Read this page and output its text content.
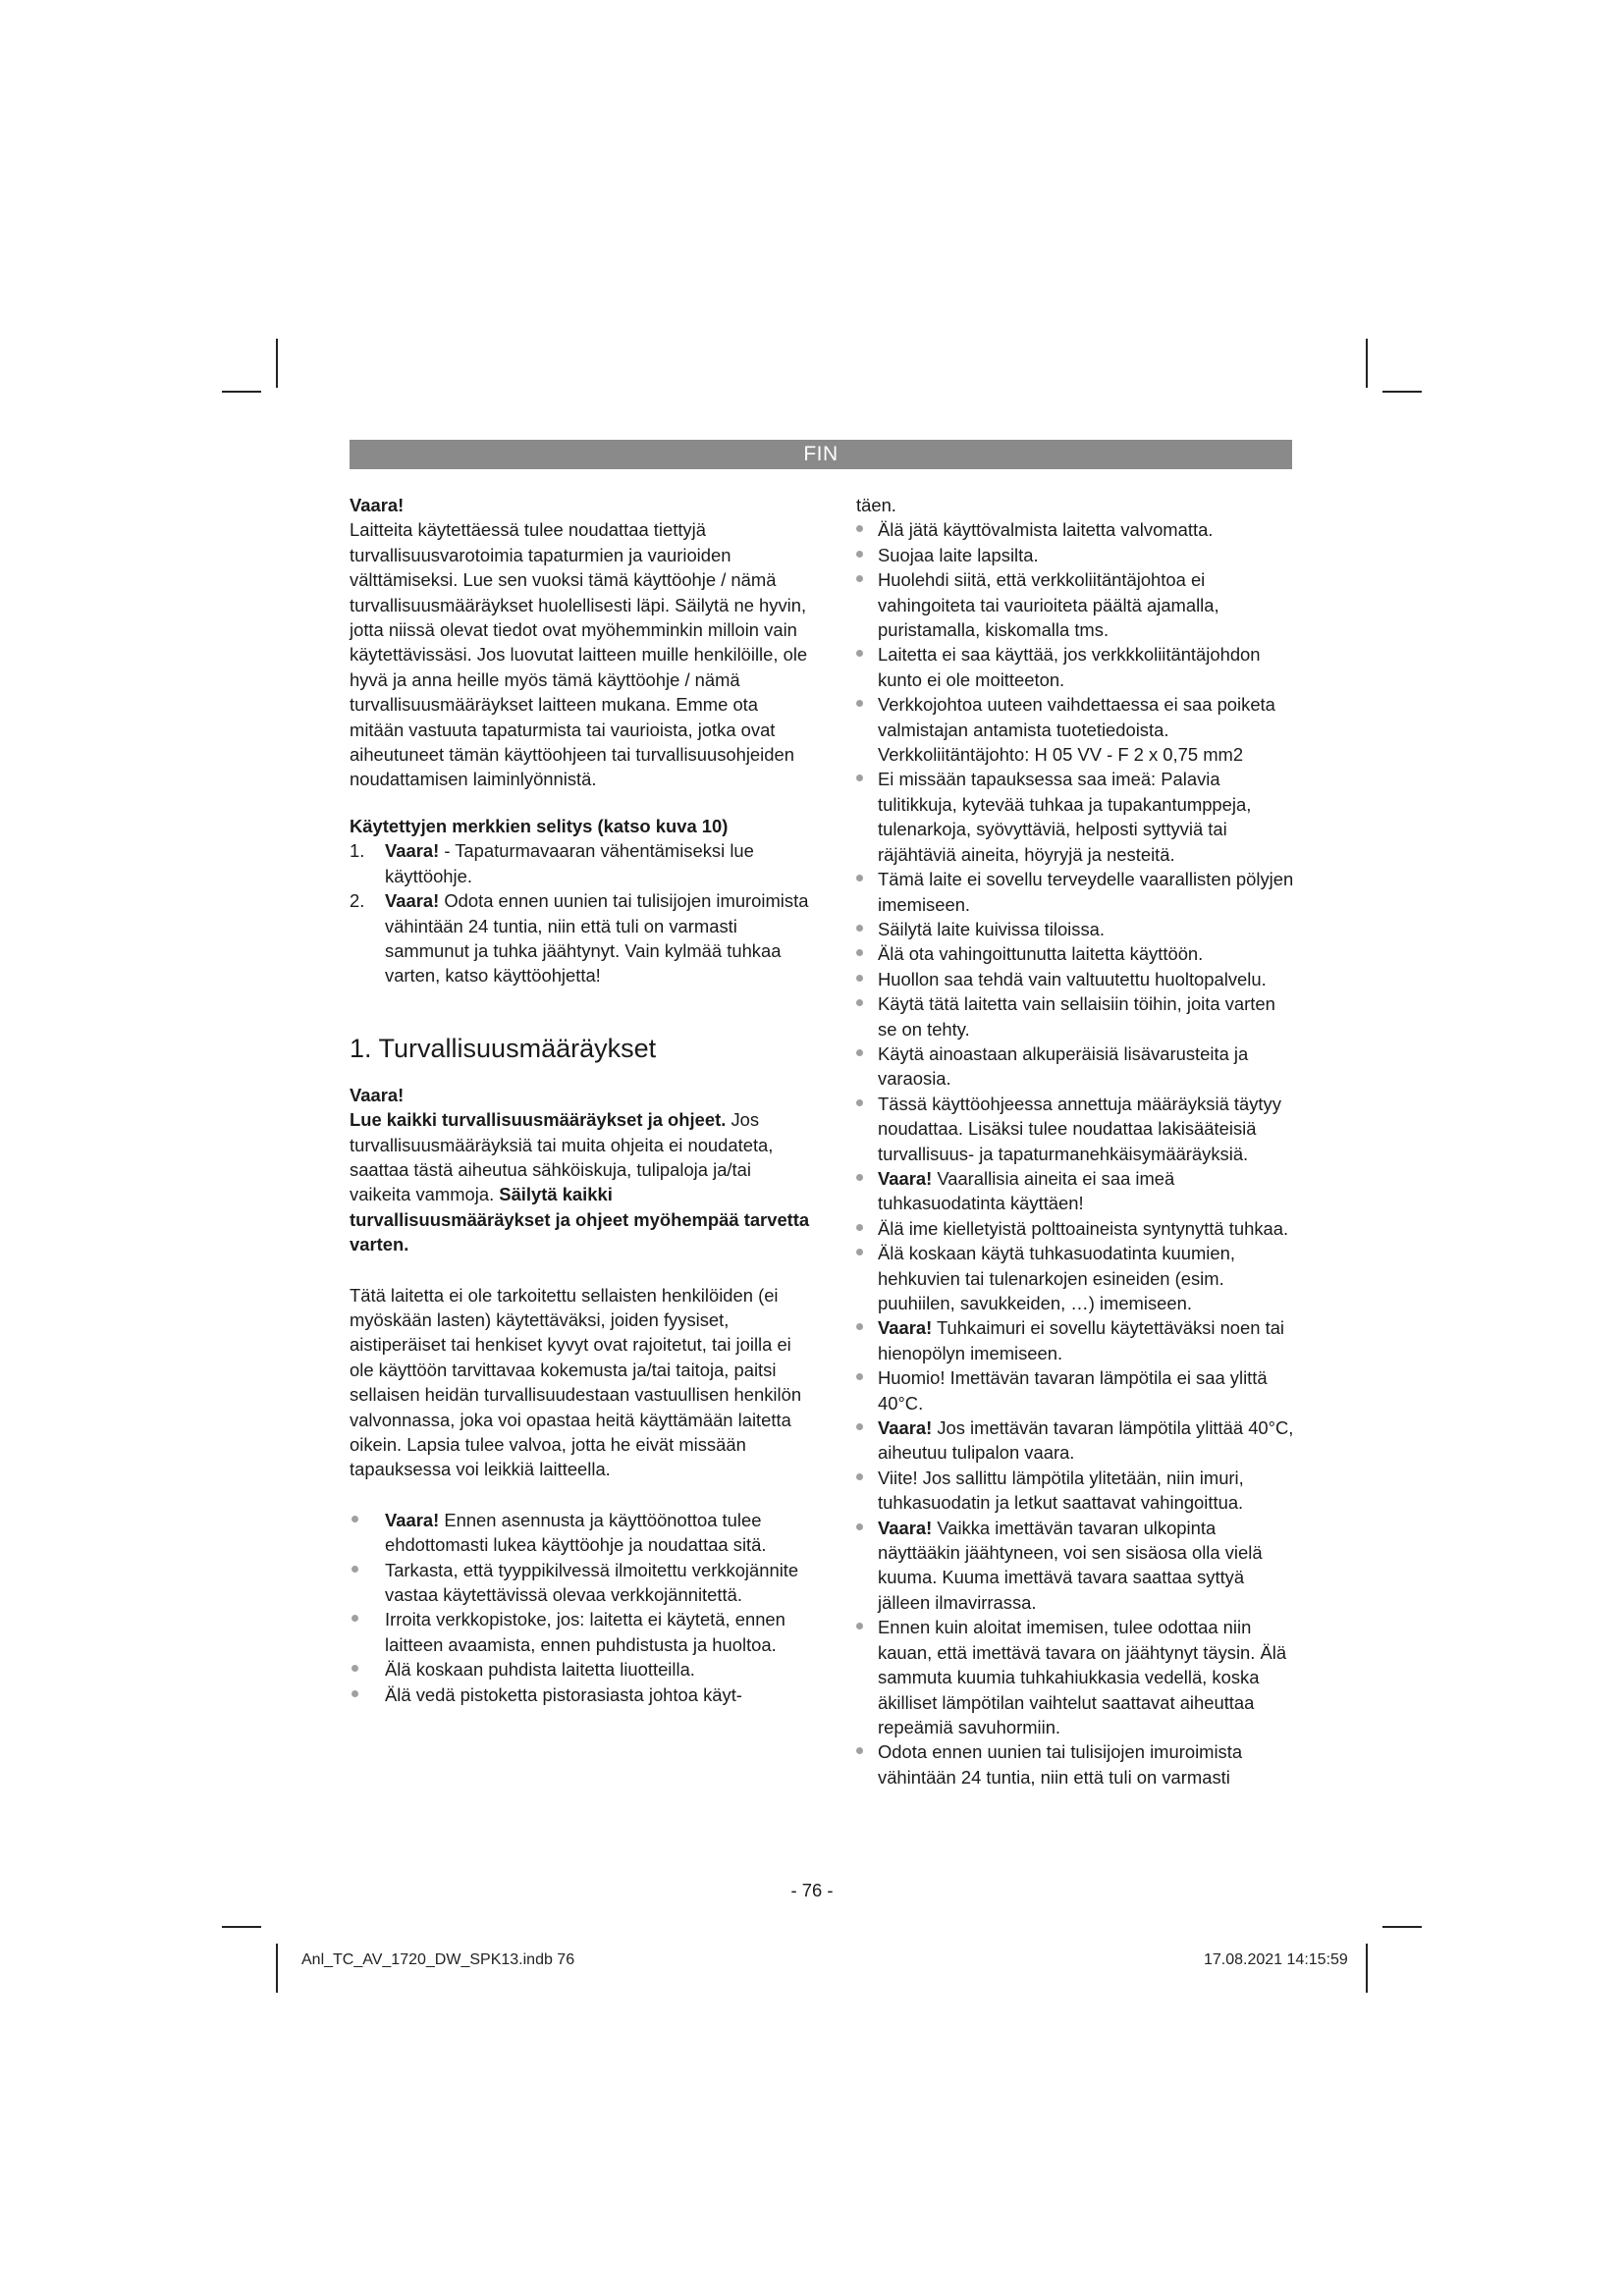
FIN

Vaara!

Laitteita käytettäessä tulee noudattaa tiettyjä turvallisuusvarotoimia tapaturmien ja vaurioiden välttämiseksi. Lue sen vuoksi tämä käyttöohje / nämä turvallisuusmääräykset huolellisesti läpi. Säilytä ne hyvin, jotta niissä olevat tiedot ovat myöhemminkin milloin vain käytettävissäsi. Jos luovutat laitteen muille henkilöille, ole hyvä ja anna heille myös tämä käyttöohje / nämä turvallisuusmääräykset laitteen mukana. Emme ota mitään vastuuta tapaturmista tai vaurioista, jotka ovat aiheutuneet tämän käyttöohjeen tai turvallisuusohjeiden noudattamisen laiminlyönnistä.

Käytettyjen merkkien selitys (katso kuva 10)

1. Vaara! - Tapaturmavaaran vähentämiseksi lue käyttöohje.
2. Vaara! Odota ennen uunien tai tulisijojen imuroimista vähintään 24 tuntia, niin että tuli on varmasti sammunut ja tuhka jäähtynyt. Vain kylmää tuhkaa varten, katso käyttöohjetta!
1. Turvallisuusmääräykset

Vaara!

Lue kaikki turvallisuusmääräykset ja ohjeet. Jos turvallisuusmääräyksiä tai muita ohjeita ei noudateta, saattaa tästä aiheutua sähköiskuja, tulipaloja ja/tai vaikeita vammoja. Säilytä kaikki turvallisuusmääräykset ja ohjeet myöhempää tarvetta varten.

Tätä laitetta ei ole tarkoitettu sellaisten henkilöiden (ei myöskään lasten) käytettäväksi, joiden fyysiset, aistiperäiset tai henkiset kyvyt ovat rajoitetut, tai joilla ei ole käyttöön tarvittavaa kokemusta ja/tai taitoja, paitsi sellaisen heidän turvallisuudestaan vastuullisen henkilön valvonnassa, joka voi opastaa heitä käyttämään laitetta oikein. Lapsia tulee valvoa, jotta he eivät missään tapauksessa voi leikkiä laitteella.

Vaara! Ennen asennusta ja käyttöönottoa tulee ehdottomasti lukea käyttöohje ja noudattaa sitä.
Tarkasta, että tyyppikilvessä ilmoitettu verkkojännite vastaa käytettävissä olevaa verkkojännitettä.
Irroita verkkopistoke, jos: laitetta ei käytetä, ennen laitteen avaamista, ennen puhdistusta ja huoltoa.
Älä koskaan puhdista laitetta liuotteilla.
Älä vedä pistoketta pistorasiasta johtoa käyt-

täen.

Älä jätä käyttövalmista laitetta valvomatta.
Suojaa laite lapsilta.
Huolehdi siitä, että verkkoliitäntäjohtoa ei vahingoiteta tai vaurioiteta päältä ajamalla, puristamalla, kiskomalla tms.
Laitetta ei saa käyttää, jos verkkkoliitäntäjohdon kunto ei ole moitteeton.
Verkkojohtoa uuteen vaihdettaessa ei saa poiketa valmistajan antamista tuotetiedoista. Verkkoliitäntäjohto: H 05 VV - F 2 x 0,75 mm2
Ei missään tapauksessa saa imeä: Palavia tulitikkuja, kytevää tuhkaa ja tupakantumppeja, tulenarkoja, syövyttäviä, helposti syttyviä tai räjähtäviä aineita, höyryjä ja nesteitä.
Tämä laite ei sovellu terveydelle vaarallisten pölyjen imemiseen.
Säilytä laite kuivissa tiloissa.
Älä ota vahingoittunutta laitetta käyttöön.
Huollon saa tehdä vain valtuutettu huoltopalvelu.
Käytä tätä laitetta vain sellaisiin töihin, joita varten se on tehty.
Käytä ainoastaan alkuperäisiä lisävarusteita ja varaosia.
Tässä käyttöohjeessa annettuja määräyksiä täytyy noudattaa. Lisäksi tulee noudattaa lakisääteisiä turvallisuus- ja tapaturmanehkäisymääräyksiä.
Vaara! Vaarallisia aineita ei saa imeä tuhkasuodatinta käyttäen!
Älä ime kielletyistä polttoaineista syntynyttä tuhkaa.
Älä koskaan käytä tuhkasuodatinta kuumien, hehkuvien tai tulenarkojen esineiden (esim. puuhiilen, savukkeiden, …) imemiseen.
Vaara! Tuhkaimuri ei sovellu käytettäväksi noen tai hienopölyn imemiseen.
Huomio! Imettävän tavaran lämpötila ei saa ylittä 40°C.
Vaara! Jos imettävän tavaran lämpötila ylittää 40°C, aiheutuu tulipalon vaara.
Viite! Jos sallittu lämpötila ylitetään, niin imuri, tuhkasuodatin ja letkut saattavat vahingoittua.
Vaara! Vaikka imettävän tavaran ulkopinta näyttääkin jäähtyneen, voi sen sisäosa olla vielä kuuma. Kuuma imettävä tavara saattaa syttyä jälleen ilmavirrassa.
Ennen kuin aloitat imemisen, tulee odottaa niin kauan, että imettävä tavara on jäähtynyt täysin. Älä sammuta kuumia tuhkahiukkasia vedellä, koska äkilliset lämpötilan vaihtelut saattavat aiheuttaa repeämiä savuhormiin.
Odota ennen uunien tai tulisijojen imuroimista vähintään 24 tuntia, niin että tuli on varmasti
- 76 -
Anl_TC_AV_1720_DW_SPK13.indb 76	17.08.2021 14:15:59
